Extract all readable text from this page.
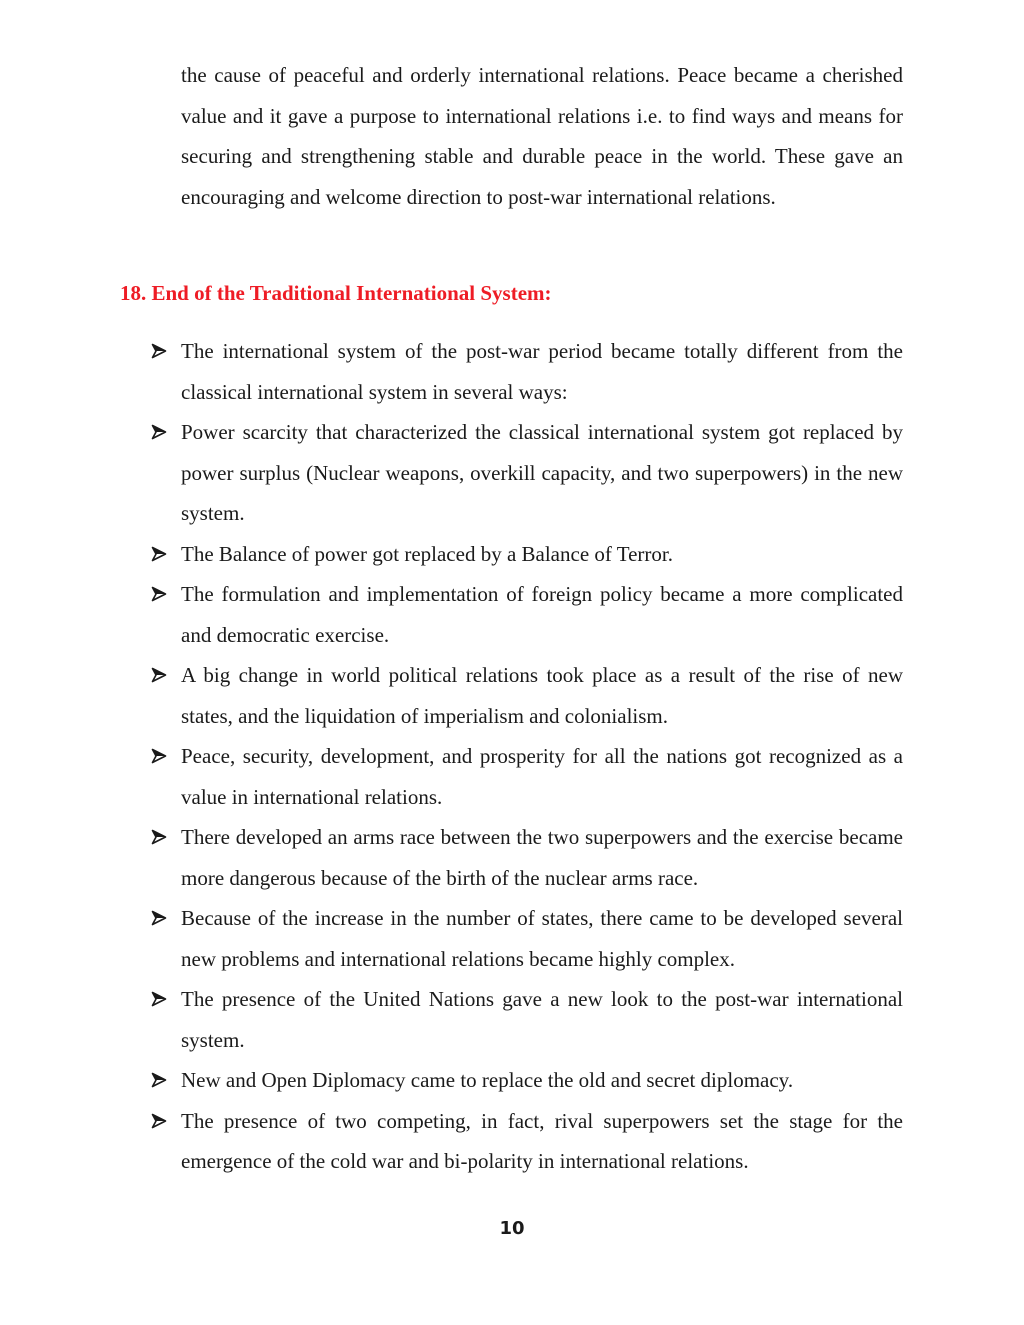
the cause of peaceful and orderly international relations. Peace became a cherished value and it gave a purpose to international relations i.e. to find ways and means for securing and strengthening stable and durable peace in the world. These gave an encouraging and welcome direction to post-war international relations.

18. End of the Traditional International System:
The international system of the post-war period became totally different from the classical international system in several ways:
Power scarcity that characterized the classical international system got replaced by power surplus (Nuclear weapons, overkill capacity, and two superpowers) in the new system.
The Balance of power got replaced by a Balance of Terror.
The formulation and implementation of foreign policy became a more complicated and democratic exercise.
A big change in world political relations took place as a result of the rise of new states, and the liquidation of imperialism and colonialism.
Peace, security, development, and prosperity for all the nations got recognized as a value in international relations.
There developed an arms race between the two superpowers and the exercise became more dangerous because of the birth of the nuclear arms race.
Because of the increase in the number of states, there came to be developed several new problems and international relations became highly complex.
The presence of the United Nations gave a new look to the post-war international system.
New and Open Diplomacy came to replace the old and secret diplomacy.
The presence of two competing, in fact, rival superpowers set the stage for the emergence of the cold war and bi-polarity in international relations.
10
